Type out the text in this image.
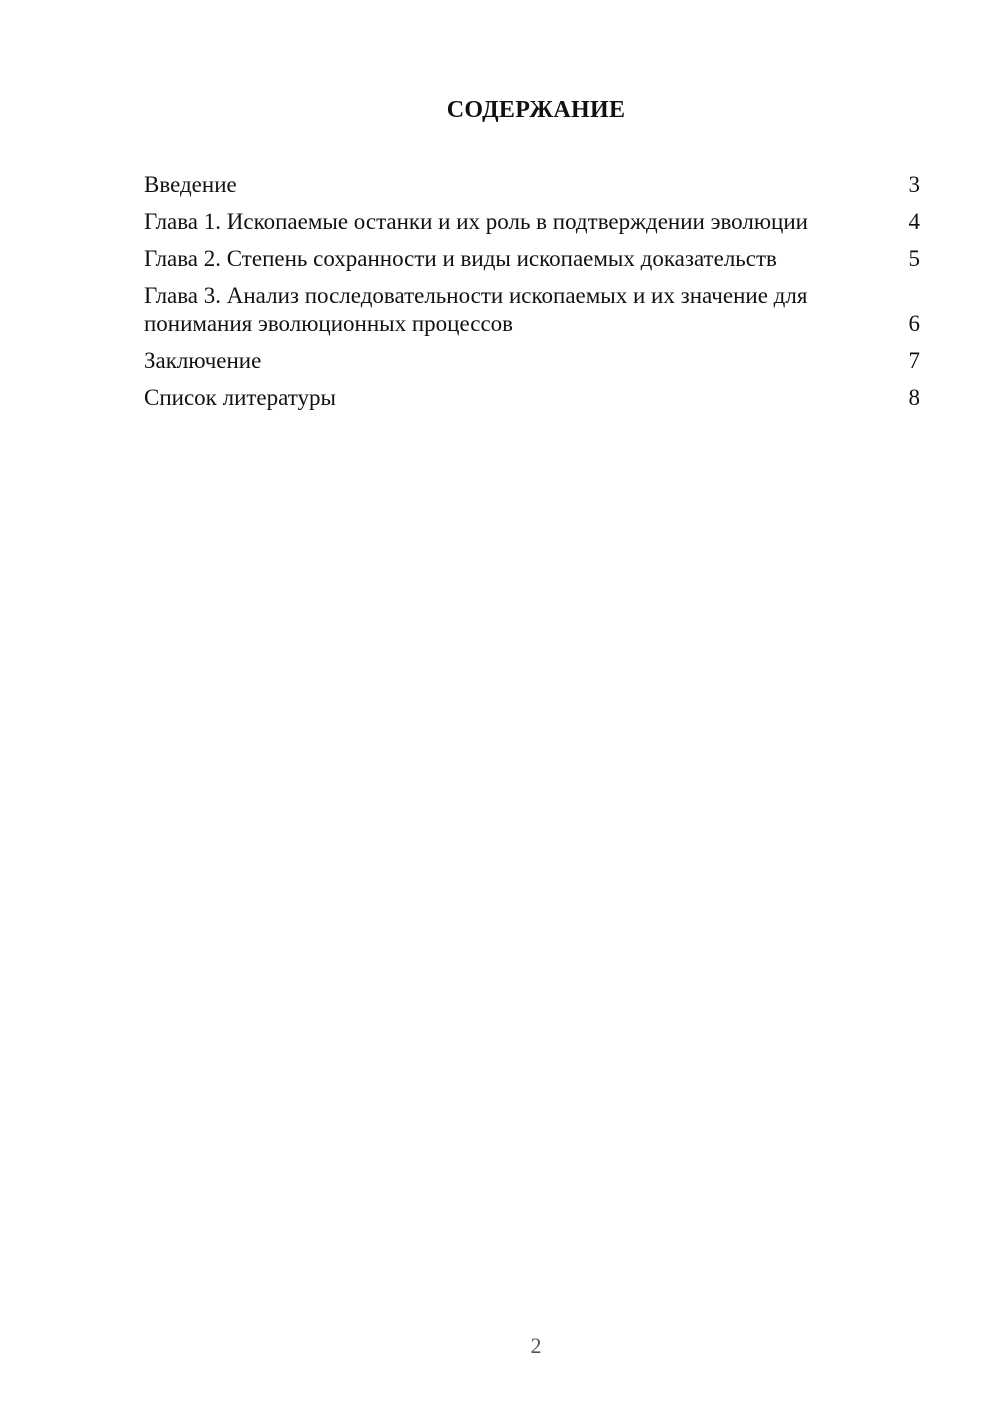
СОДЕРЖАНИЕ
Введение	3
Глава 1. Ископаемые останки и их роль в подтверждении эволюции	4
Глава 2. Степень сохранности и виды ископаемых доказательств	5
Глава 3. Анализ последовательности ископаемых и их значение для понимания эволюционных процессов	6
Заключение	7
Список литературы	8
2
